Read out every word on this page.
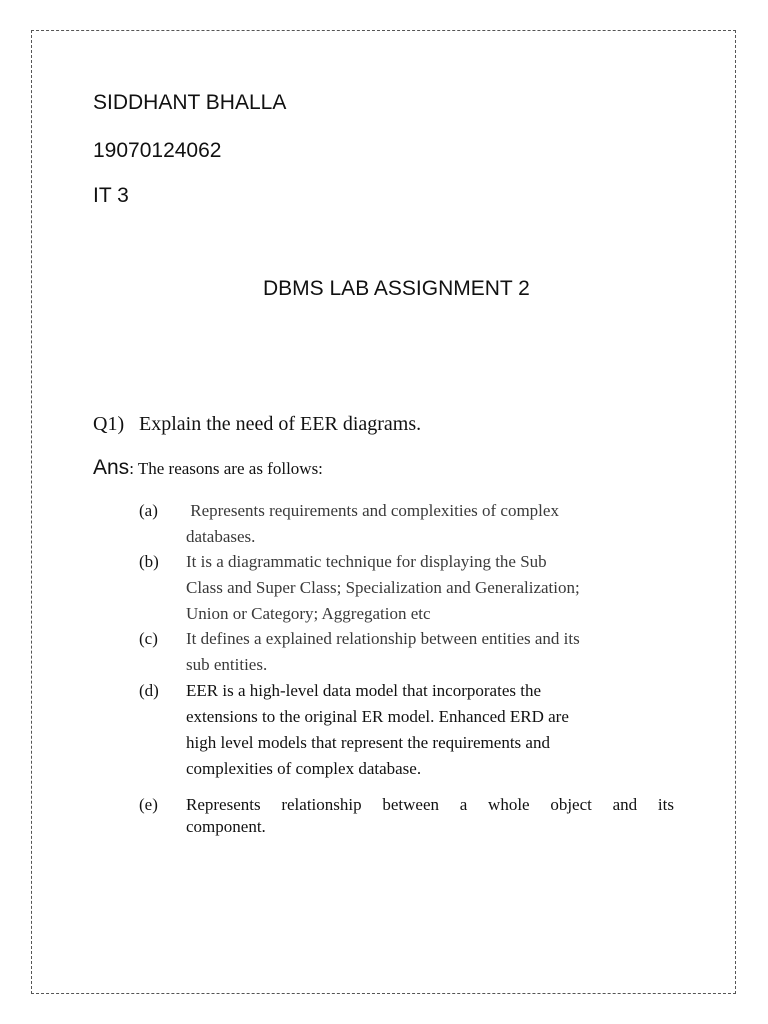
SIDDHANT BHALLA
19070124062
IT 3
DBMS LAB ASSIGNMENT 2
Q1) Explain the need of EER diagrams.
Ans: The reasons are as follows:
(a)	Represents requirements and complexities of complex
databases.
(b)	It is a diagrammatic technique for displaying the Sub
Class and Super Class; Specialization and Generalization;
Union or Category; Aggregation etc
(c)	It defines a explained relationship between entities and its
sub entities.
(d)	EER is a high-level data model that incorporates the
extensions to the original ER model. Enhanced ERD are
high level models that represent the requirements and
complexities of complex database.
(e)	Represents relationship between a whole object and its
component.
